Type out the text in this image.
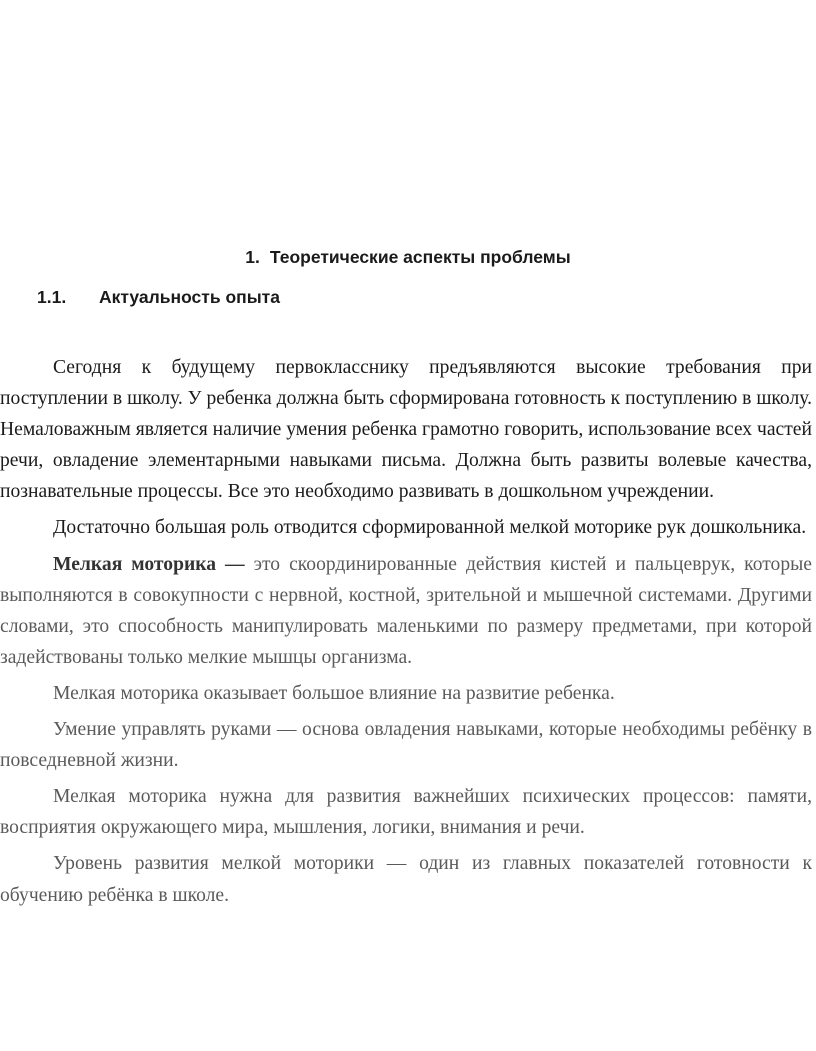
1. Теоретические аспекты проблемы
1.1. Актуальность опыта

Сегодня к будущему первокласснику предъявляются высокие требования при поступлении в школу. У ребенка должна быть сформирована готовность к поступлению в школу. Немаловажным является наличие умения ребенка грамотно говорить, использование всех частей речи, овладение элементарными навыками письма. Должна быть развиты волевые качества, познавательные процессы. Все это необходимо развивать в дошкольном учреждении.

Достаточно большая роль отводится сформированной мелкой моторике рук дошкольника.

Мелкая моторика — это скоординированные действия кистей и пальцеврук, которые выполняются в совокупности с нервной, костной, зрительной и мышечной системами. Другими словами, это способность манипулировать маленькими по размеру предметами, при которой задействованы только мелкие мышцы организма.

Мелкая моторика оказывает большое влияние на развитие ребенка.

Умение управлять руками — основа овладения навыками, которые необходимы ребёнку в повседневной жизни.

Мелкая моторика нужна для развития важнейших психических процессов: памяти, восприятия окружающего мира, мышления, логики, внимания и речи.

Уровень развития мелкой моторики — один из главных показателей готовности к обучению ребёнка в школе.
